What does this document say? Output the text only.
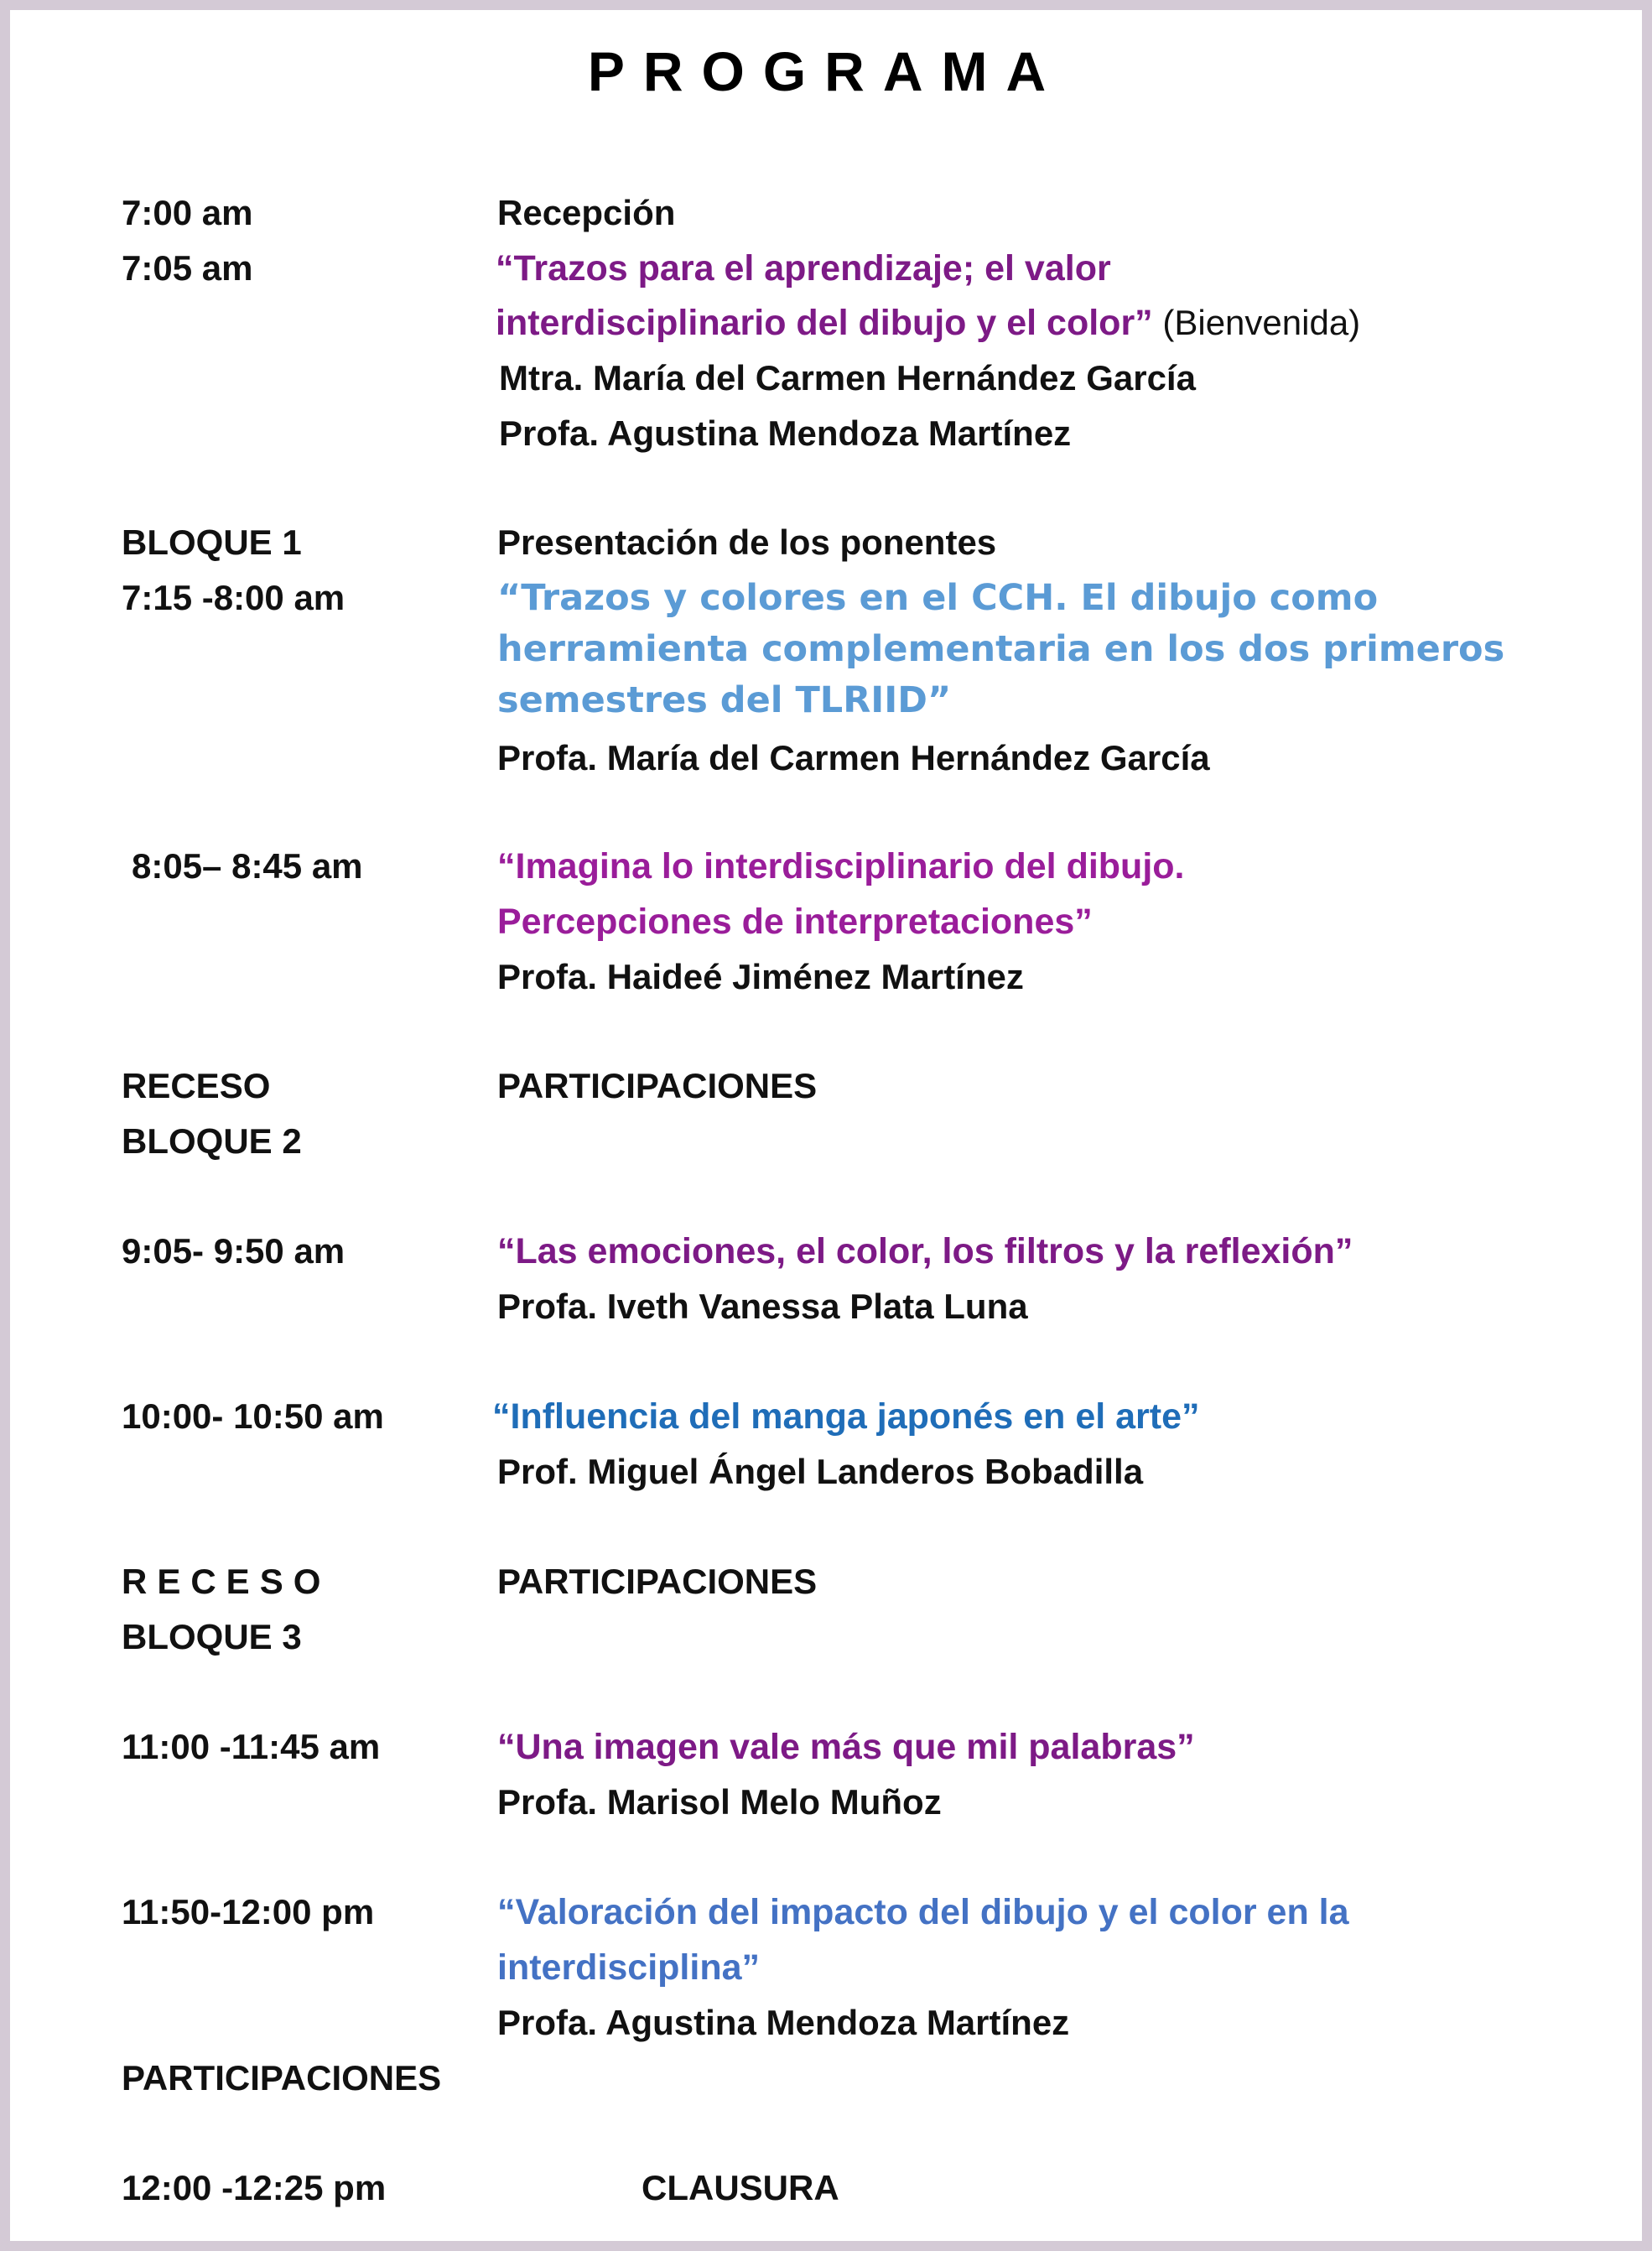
PROGRAMA
7:00 am	Recepción
7:05 am	“Trazos para el aprendizaje; el valor
interdisciplinario del dibujo y el color” (Bienvenida)
Mtra. María del Carmen Hernández García
Profa. Agustina Mendoza Martínez
BLOQUE 1	Presentación de los ponentes
7:15 -8:00 am	“Trazos y colores en el CCH. El dibujo como
herramienta complementaria en los dos primeros
semestres del TLRIID”
Profa. María del Carmen Hernández García
8:05– 8:45 am	“Imagina lo interdisciplinario del dibujo.
Percepciones de interpretaciones”
Profa. Haideé Jiménez Martínez
RECESO	PARTICIPACIONES
BLOQUE 2
9:05- 9:50 am	“Las emociones, el color, los filtros y la reflexión”
Profa. Iveth Vanessa Plata Luna
10:00- 10:50 am	“Influencia del manga japonés en el arte”
Prof. Miguel Ángel Landeros Bobadilla
RECESO	PARTICIPACIONES
BLOQUE 3
11:00 -11:45 am	“Una imagen vale más que mil palabras”
Profa. Marisol Melo Muñoz
11:50-12:00 pm	“Valoración del impacto del dibujo y el color en la
interdisciplina”
Profa. Agustina Mendoza Martínez
PARTICIPACIONES
12:00 -12:25 pm	CLAUSURA
